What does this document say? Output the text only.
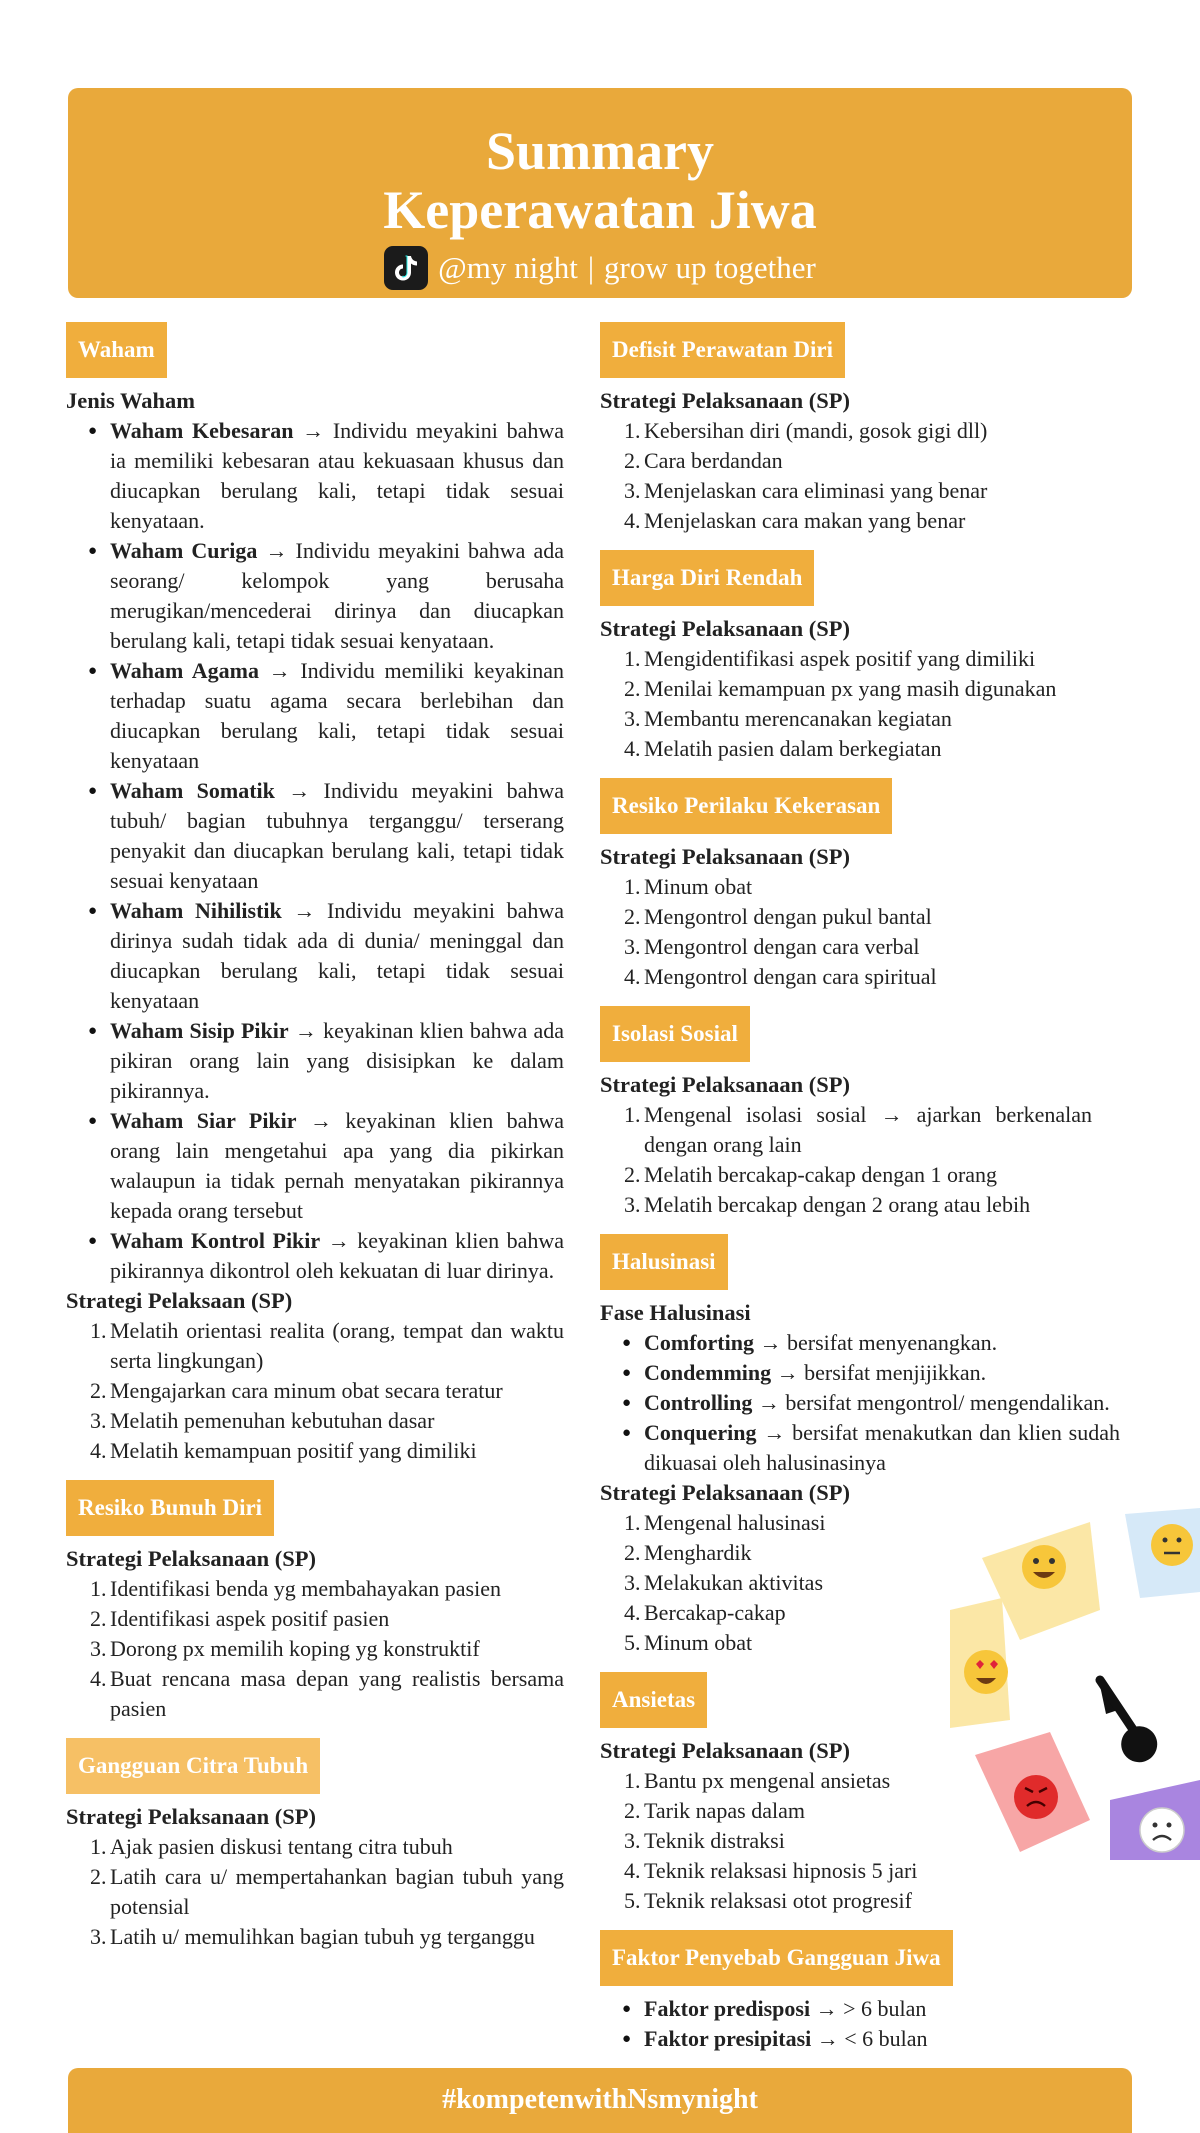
Summary
Keperawatan Jiwa
@my night | grow up together
Waham
Jenis Waham
● Waham Kebesaran → Individu meyakini bahwa ia memiliki kebesaran atau kekuasaan khusus dan diucapkan berulang kali, tetapi tidak sesuai kenyataan.
● Waham Curiga → Individu meyakini bahwa ada seorang/ kelompok yang berusaha merugikan/mencederai dirinya dan diucapkan berulang kali, tetapi tidak sesuai kenyataan.
● Waham Agama → Individu memiliki keyakinan terhadap suatu agama secara berlebihan dan diucapkan berulang kali, tetapi tidak sesuai kenyataan
● Waham Somatik → Individu meyakini bahwa tubuh/ bagian tubuhnya terganggu/ terserang penyakit dan diucapkan berulang kali, tetapi tidak sesuai kenyataan
● Waham Nihilistik → Individu meyakini bahwa dirinya sudah tidak ada di dunia/ meninggal dan diucapkan berulang kali, tetapi tidak sesuai kenyataan
● Waham Sisip Pikir → keyakinan klien bahwa ada pikiran orang lain yang disisipkan ke dalam pikirannya.
● Waham Siar Pikir → keyakinan klien bahwa orang lain mengetahui apa yang dia pikirkan walaupun ia tidak pernah menyatakan pikirannya kepada orang tersebut
● Waham Kontrol Pikir → keyakinan klien bahwa pikirannya dikontrol oleh kekuatan di luar dirinya.
Strategi Pelaksaan (SP)
1. Melatih orientasi realita (orang, tempat dan waktu serta lingkungan)
2. Mengajarkan cara minum obat secara teratur
3. Melatih pemenuhan kebutuhan dasar
4. Melatih kemampuan positif yang dimiliki
Resiko Bunuh Diri
Strategi Pelaksanaan (SP)
1. Identifikasi benda yg membahayakan pasien
2. Identifikasi aspek positif pasien
3. Dorong px memilih koping yg konstruktif
4. Buat rencana masa depan yang realistis bersama pasien
Gangguan Citra Tubuh
Strategi Pelaksanaan (SP)
1. Ajak pasien diskusi tentang citra tubuh
2. Latih cara u/ mempertahankan bagian tubuh yang potensial
3. Latih u/ memulihkan bagian tubuh yg terganggu
Defisit Perawatan Diri
Strategi Pelaksanaan (SP)
1. Kebersihan diri (mandi, gosok gigi dll)
2. Cara berdandan
3. Menjelaskan cara eliminasi yang benar
4. Menjelaskan cara makan yang benar
Harga Diri Rendah
Strategi Pelaksanaan (SP)
1. Mengidentifikasi aspek positif yang dimiliki
2. Menilai kemampuan px yang masih digunakan
3. Membantu merencanakan kegiatan
4. Melatih pasien dalam berkegiatan
Resiko Perilaku Kekerasan
Strategi Pelaksanaan (SP)
1. Minum obat
2. Mengontrol dengan pukul bantal
3. Mengontrol dengan cara verbal
4. Mengontrol dengan cara spiritual
Isolasi Sosial
Strategi Pelaksanaan (SP)
1. Mengenal isolasi sosial → ajarkan berkenalan dengan orang lain
2. Melatih bercakap-cakap dengan 1 orang
3. Melatih bercakap dengan 2 orang atau lebih
Halusinasi
Fase Halusinasi
● Comforting → bersifat menyenangkan.
● Condemming → bersifat menjijikkan.
● Controlling → bersifat mengontrol/ mengendalikan.
● Conquering → bersifat menakutkan dan klien sudah dikuasai oleh halusinasinya
Strategi Pelaksanaan (SP)
1. Mengenal halusinasi
2. Menghardik
3. Melakukan aktivitas
4. Bercakap-cakap
5. Minum obat
Ansietas
Strategi Pelaksanaan (SP)
1. Bantu px mengenal ansietas
2. Tarik napas dalam
3. Teknik distraksi
4. Teknik relaksasi hipnosis 5 jari
5. Teknik relaksasi otot progresif
Faktor Penyebab Gangguan Jiwa
● Faktor predisposi → > 6 bulan
● Faktor presipitasi → < 6 bulan
#kompetenwithNsmynight
